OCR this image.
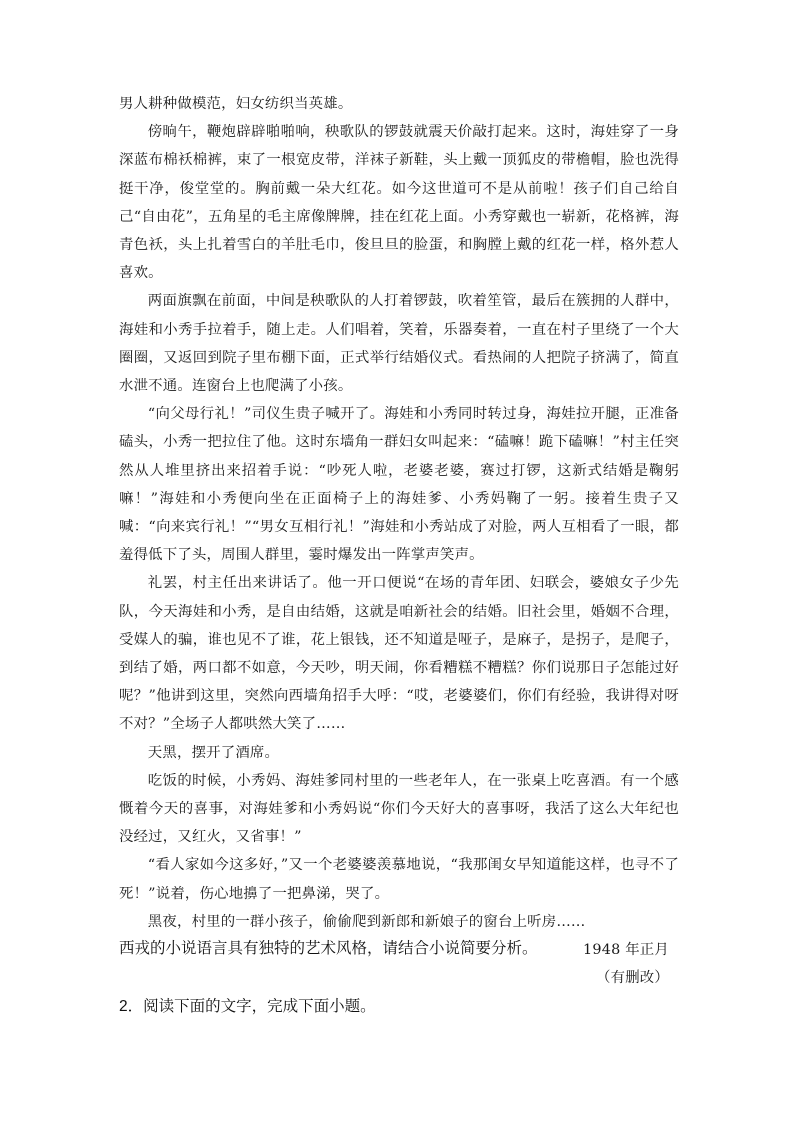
男人耕种做模范，妇女纺织当英雄。

傍晌午，鞭炮辟辟啪啪响，秧歌队的锣鼓就震天价敲打起来。这时，海娃穿了一身深蓝布棉袄棉裤，束了一根宽皮带，洋袜子新鞋，头上戴一顶狐皮的带檐帽，脸也洗得挺干净，俊堂堂的。胸前戴一朵大红花。如今这世道可不是从前啦！孩子们自己给自己“自由花”，五角星的毛主席像牌牌，挂在红花上面。小秀穿戴也一崭新，花格裤，海青色袄，头上扎着雪白的羊肚毛巾，俊旦旦的脸蛋，和胸膛上戴的红花一样，格外惹人喜欢。

两面旗飘在前面，中间是秧歌队的人打着锣鼓，吹着笙管，最后在簇拥的人群中，海娃和小秀手拉着手，随上走。人们唱着，笑着，乐器奏着，一直在村子里绕了一个大圈圈，又返回到院子里布棚下面，正式举行结婚仪式。看热闹的人把院子挤满了，简直水泄不通。连窗台上也爬满了小孩。

“向父母行礼！”司仪生贵子喊开了。海娃和小秀同时转过身，海娃拉开腿，正准备磕头，小秀一把拉住了他。这时东墙角一群妇女叫起来：“磕嘛！跪下磕嘛！”村主任突然从人堆里挤出来招着手说：“吵死人啦，老婆老婆，赛过打锣，这新式结婚是鞠躬嘛！”海娃和小秀便向坐在正面椅子上的海娃爹、小秀妈鞠了一躬。接着生贵子又喊：“向来宾行礼！”“男女互相行礼！”海娃和小秀站成了对脸，两人互相看了一眼，都羞得低下了头，周围人群里，霎时爆发出一阵掌声笑声。

礼罢，村主任出来讲话了。他一开口便说“在场的青年团、妇联会，婆娘女子少先队，今天海娃和小秀，是自由结婚，这就是咱新社会的结婚。旧社会里，婚姻不合理，受媒人的骗，谁也见不了谁，花上银钱，还不知道是哑子，是麻子，是拐子，是爬子，到结了婚，两口都不如意，今天吵，明天闹，你看糟糕不糟糕？你们说那日子怎能过好呢？”他讲到这里，突然向西墙角招手大呼：“哎，老婆婆们，你们有经验，我讲得对呀不对？”全场子人都哄然大笑了……

天黑，摆开了酒席。

吃饭的时候，小秀妈、海娃爹同村里的一些老年人，在一张桌上吃喜酒。有一个感慨着今天的喜事，对海娃爹和小秀妈说“你们今天好大的喜事呀，我活了这么大年纪也没经过，又红火，又省事！”

“看人家如今这多好，”又一个老婆婆羡慕地说，“我那闺女早知道能这样，也寻不了死！”说着，伤心地擤了一把鼻涕，哭了。

黑夜，村里的一群小孩子，偷偷爬到新郎和新娘子的窗台上听房……

1948 年正月

（有删改）

西戎的小说语言具有独特的艺术风格，请结合小说简要分析。
2．阅读下面的文字，完成下面小题。
